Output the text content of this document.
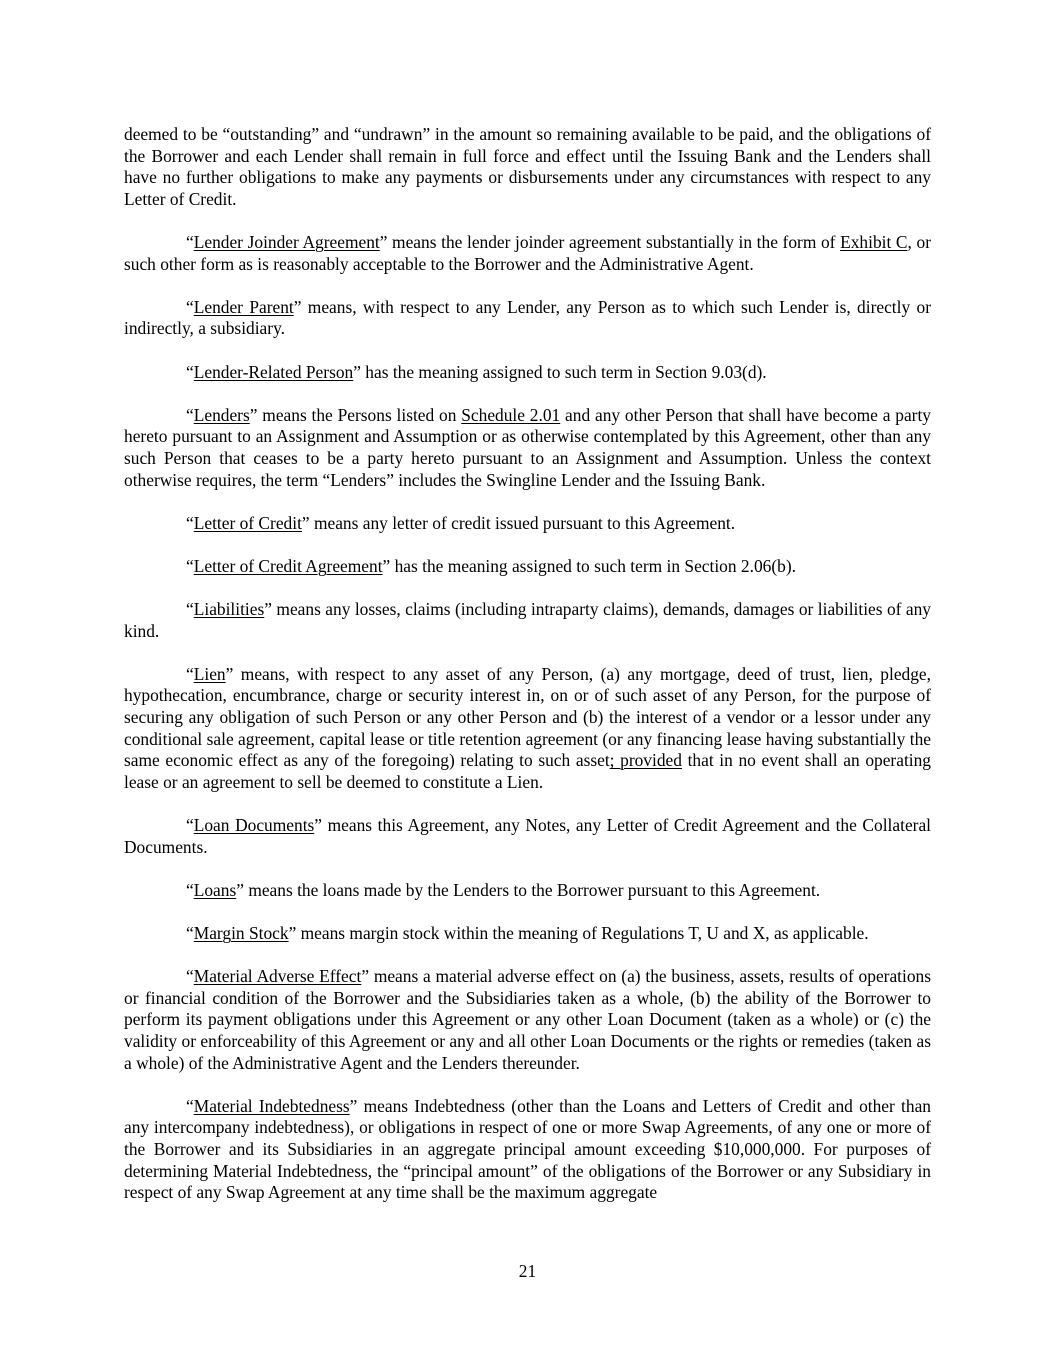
deemed to be “outstanding” and “undrawn” in the amount so remaining available to be paid, and the obligations of the Borrower and each Lender shall remain in full force and effect until the Issuing Bank and the Lenders shall have no further obligations to make any payments or disbursements under any circumstances with respect to any Letter of Credit.

“Lender Joinder Agreement” means the lender joinder agreement substantially in the form of Exhibit C, or such other form as is reasonably acceptable to the Borrower and the Administrative Agent.

“Lender Parent” means, with respect to any Lender, any Person as to which such Lender is, directly or indirectly, a subsidiary.

“Lender-Related Person” has the meaning assigned to such term in Section 9.03(d).

“Lenders” means the Persons listed on Schedule 2.01 and any other Person that shall have become a party hereto pursuant to an Assignment and Assumption or as otherwise contemplated by this Agreement, other than any such Person that ceases to be a party hereto pursuant to an Assignment and Assumption. Unless the context otherwise requires, the term “Lenders” includes the Swingline Lender and the Issuing Bank.

“Letter of Credit” means any letter of credit issued pursuant to this Agreement.

“Letter of Credit Agreement” has the meaning assigned to such term in Section 2.06(b).

“Liabilities” means any losses, claims (including intraparty claims), demands, damages or liabilities of any kind.

“Lien” means, with respect to any asset of any Person, (a) any mortgage, deed of trust, lien, pledge, hypothecation, encumbrance, charge or security interest in, on or of such asset of any Person, for the purpose of securing any obligation of such Person or any other Person and (b) the interest of a vendor or a lessor under any conditional sale agreement, capital lease or title retention agreement (or any financing lease having substantially the same economic effect as any of the foregoing) relating to such asset; provided that in no event shall an operating lease or an agreement to sell be deemed to constitute a Lien.

“Loan Documents” means this Agreement, any Notes, any Letter of Credit Agreement and the Collateral Documents.

“Loans” means the loans made by the Lenders to the Borrower pursuant to this Agreement.

“Margin Stock” means margin stock within the meaning of Regulations T, U and X, as applicable.

“Material Adverse Effect” means a material adverse effect on (a) the business, assets, results of operations or financial condition of the Borrower and the Subsidiaries taken as a whole, (b) the ability of the Borrower to perform its payment obligations under this Agreement or any other Loan Document (taken as a whole) or (c) the validity or enforceability of this Agreement or any and all other Loan Documents or the rights or remedies (taken as a whole) of the Administrative Agent and the Lenders thereunder.

“Material Indebtedness” means Indebtedness (other than the Loans and Letters of Credit and other than any intercompany indebtedness), or obligations in respect of one or more Swap Agreements, of any one or more of the Borrower and its Subsidiaries in an aggregate principal amount exceeding $10,000,000. For purposes of determining Material Indebtedness, the “principal amount” of the obligations of the Borrower or any Subsidiary in respect of any Swap Agreement at any time shall be the maximum aggregate

21
